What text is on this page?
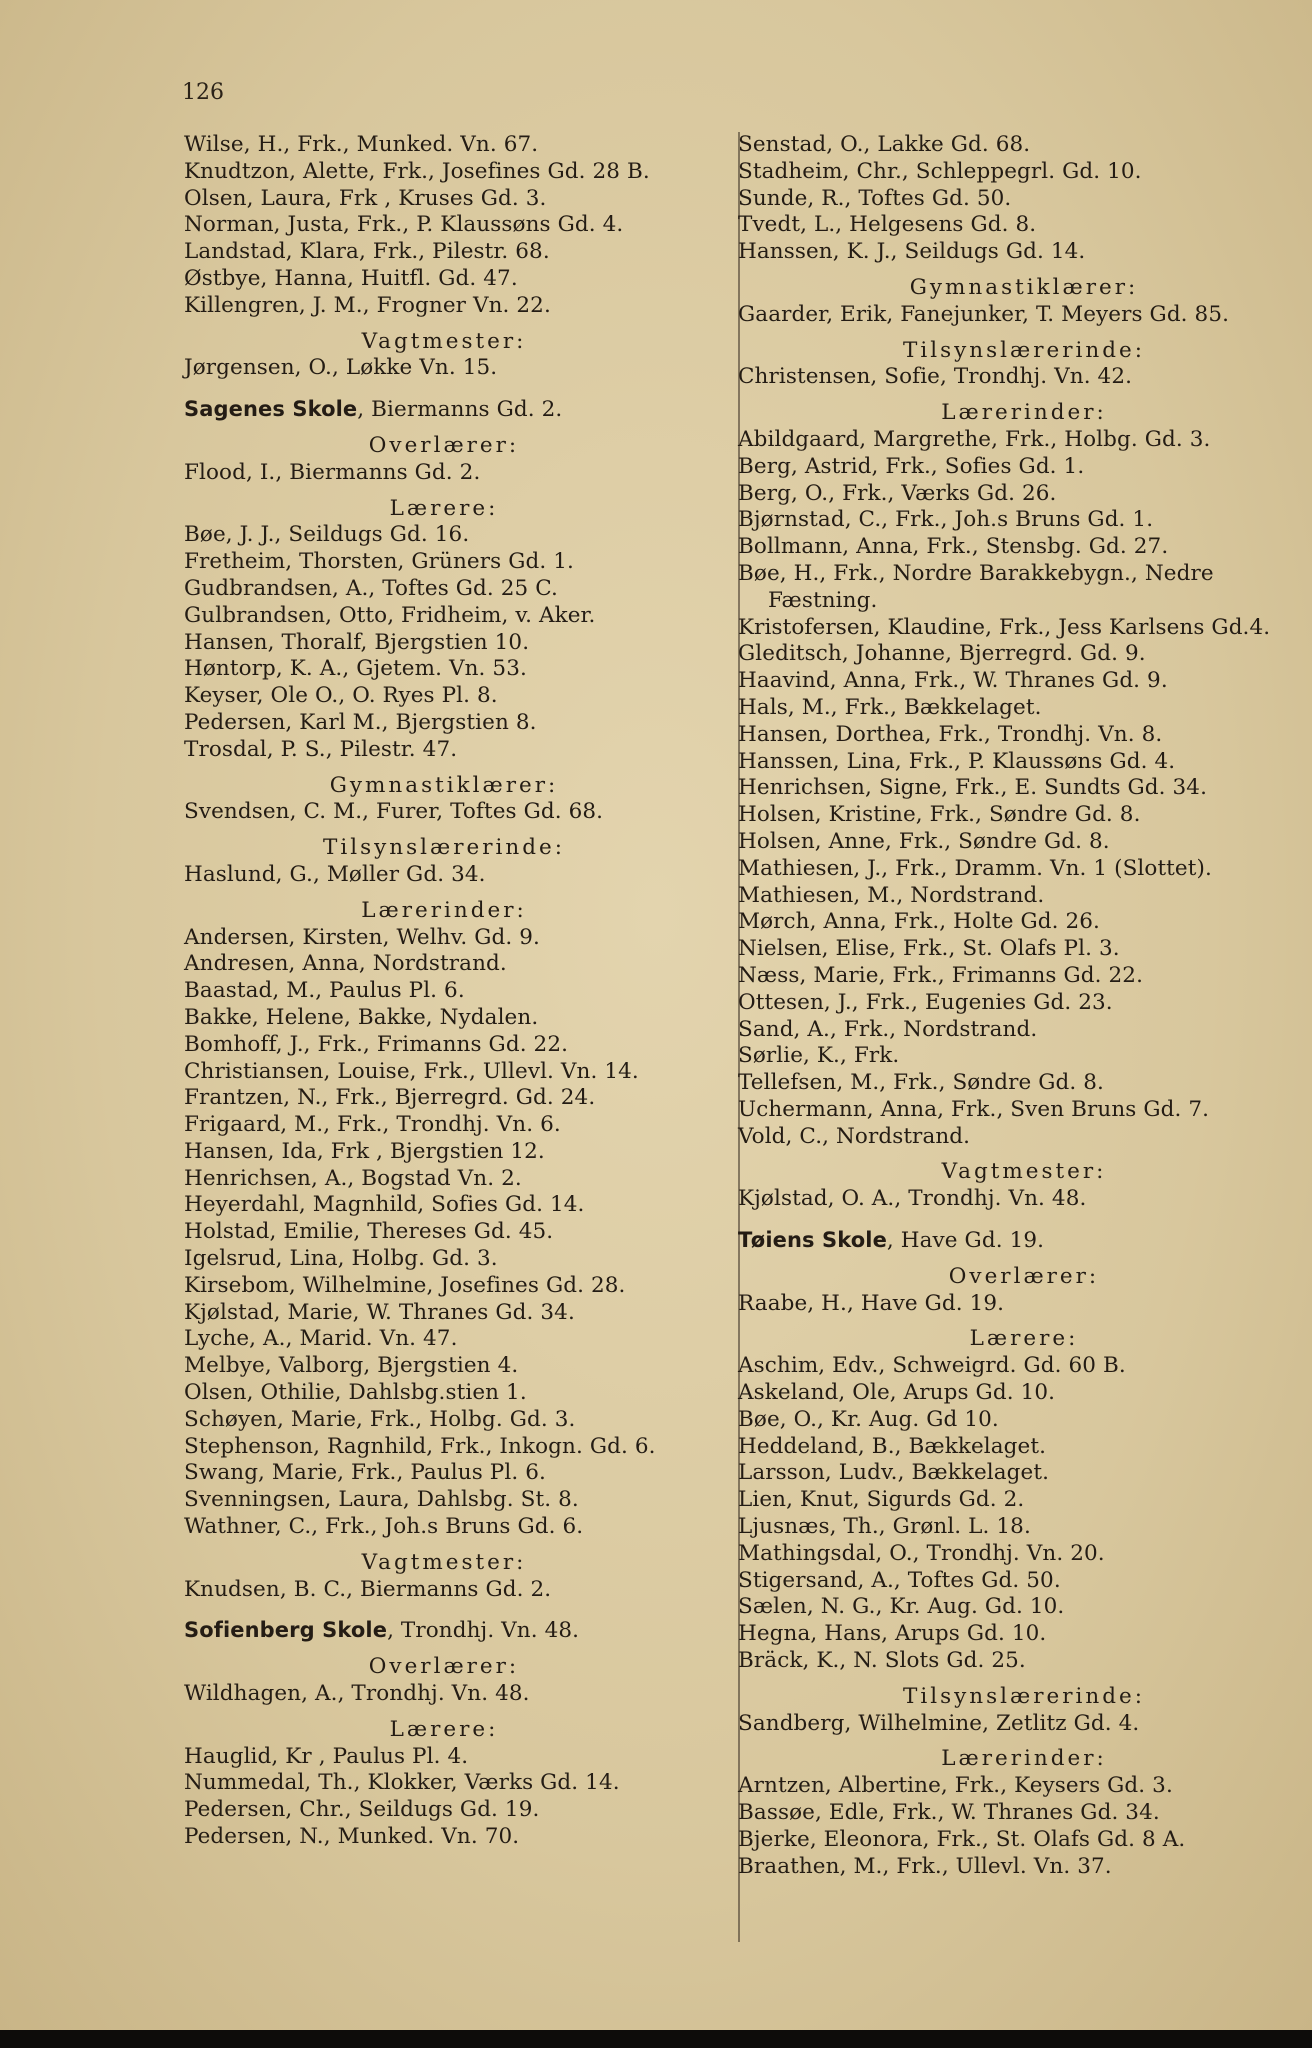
126
Wilse, H., Frk., Munked. Vn. 67.
Knudtzon, Alette, Frk., Josefines Gd. 28 B.
Olsen, Laura, Frk , Kruses Gd. 3.
Norman, Justa, Frk., P. Klaussøns Gd. 4.
Landstad, Klara, Frk., Pilestr. 68.
Østbye, Hanna, Huitfl. Gd. 47.
Killengren, J. M., Frogner Vn. 22.
Vagtmester:
Jørgensen, O., Løkke Vn. 15.
Sagenes Skole, Biermanns Gd. 2.
Overlærer:
Flood, I., Biermanns Gd. 2.
Lærere:
Bøe, J. J., Seildugs Gd. 16.
Fretheim, Thorsten, Grüners Gd. 1.
Gudbrandsen, A., Toftes Gd. 25 C.
Gulbrandsen, Otto, Fridheim, v. Aker.
Hansen, Thoralf, Bjergstien 10.
Høntorp, K. A., Gjetem. Vn. 53.
Keyser, Ole O., O. Ryes Pl. 8.
Pedersen, Karl M., Bjergstien 8.
Trosdal, P. S., Pilestr. 47.
Gymnastiklærer:
Svendsen, C. M., Furer, Toftes Gd. 68.
Tilsynslærerinde:
Haslund, G., Møller Gd. 34.
Lærerinder:
Andersen, Kirsten, Welhv. Gd. 9.
Andresen, Anna, Nordstrand.
Baastad, M., Paulus Pl. 6.
Bakke, Helene, Bakke, Nydalen.
Bomhoff, J., Frk., Frimanns Gd. 22.
Christiansen, Louise, Frk., Ullevl. Vn. 14.
Frantzen, N., Frk., Bjerregrd. Gd. 24.
Frigaard, M., Frk., Trondhj. Vn. 6.
Hansen, Ida, Frk , Bjergstien 12.
Henrichsen, A., Bogstad Vn. 2.
Heyerdahl, Magnhild, Sofies Gd. 14.
Holstad, Emilie, Thereses Gd. 45.
Igelsrud, Lina, Holbg. Gd. 3.
Kirsebom, Wilhelmine, Josefines Gd. 28.
Kjølstad, Marie, W. Thranes Gd. 34.
Lyche, A., Marid. Vn. 47.
Melbye, Valborg, Bjergstien 4.
Olsen, Othilie, Dahlsbg.stien 1.
Schøyen, Marie, Frk., Holbg. Gd. 3.
Stephenson, Ragnhild, Frk., Inkogn. Gd. 6.
Swang, Marie, Frk., Paulus Pl. 6.
Svenningsen, Laura, Dahlsbg. St. 8.
Wathner, C., Frk., Joh.s Bruns Gd. 6.
Vagtmester:
Knudsen, B. C., Biermanns Gd. 2.
Sofienberg Skole, Trondhj. Vn. 48.
Overlærer:
Wildhagen, A., Trondhj. Vn. 48.
Lærere:
Hauglid, Kr , Paulus Pl. 4.
Nummedal, Th., Klokker, Værks Gd. 14.
Pedersen, Chr., Seildugs Gd. 19.
Pedersen, N., Munked. Vn. 70.
Senstad, O., Lakke Gd. 68.
Stadheim, Chr., Schleppegrl. Gd. 10.
Sunde, R., Toftes Gd. 50.
Tvedt, L., Helgesens Gd. 8.
Hanssen, K. J., Seildugs Gd. 14.
Gymnastiklærer:
Gaarder, Erik, Fanejunker, T. Meyers Gd. 85.
Tilsynslærerinde:
Christensen, Sofie, Trondhj. Vn. 42.
Lærerinder:
Abildgaard, Margrethe, Frk., Holbg. Gd. 3.
Berg, Astrid, Frk., Sofies Gd. 1.
Berg, O., Frk., Værks Gd. 26.
Bjørnstad, C., Frk., Joh.s Bruns Gd. 1.
Bollmann, Anna, Frk., Stensbg. Gd. 27.
Bøe, H., Frk., Nordre Barakkebygn., Nedre
Fæstning.
Kristofersen, Klaudine, Frk., Jess Karlsens Gd.4.
Gleditsch, Johanne, Bjerregrd. Gd. 9.
Haavind, Anna, Frk., W. Thranes Gd. 9.
Hals, M., Frk., Bækkelaget.
Hansen, Dorthea, Frk., Trondhj. Vn. 8.
Hanssen, Lina, Frk., P. Klaussøns Gd. 4.
Henrichsen, Signe, Frk., E. Sundts Gd. 34.
Holsen, Kristine, Frk., Søndre Gd. 8.
Holsen, Anne, Frk., Søndre Gd. 8.
Mathiesen, J., Frk., Dramm. Vn. 1 (Slottet).
Mathiesen, M., Nordstrand.
Mørch, Anna, Frk., Holte Gd. 26.
Nielsen, Elise, Frk., St. Olafs Pl. 3.
Næss, Marie, Frk., Frimanns Gd. 22.
Ottesen, J., Frk., Eugenies Gd. 23.
Sand, A., Frk., Nordstrand.
Sørlie, K., Frk.
Tellefsen, M., Frk., Søndre Gd. 8.
Uchermann, Anna, Frk., Sven Bruns Gd. 7.
Vold, C., Nordstrand.
Vagtmester:
Kjølstad, O. A., Trondhj. Vn. 48.
Tøiens Skole, Have Gd. 19.
Overlærer:
Raabe, H., Have Gd. 19.
Lærere:
Aschim, Edv., Schweigrd. Gd. 60 B.
Askeland, Ole, Arups Gd. 10.
Bøe, O., Kr. Aug. Gd 10.
Heddeland, B., Bækkelaget.
Larsson, Ludv., Bækkelaget.
Lien, Knut, Sigurds Gd. 2.
Ljusnæs, Th., Grønl. L. 18.
Mathingsdal, O., Trondhj. Vn. 20.
Stigersand, A., Toftes Gd. 50.
Sælen, N. G., Kr. Aug. Gd. 10.
Hegna, Hans, Arups Gd. 10.
Bräck, K., N. Slots Gd. 25.
Tilsynslærerinde:
Sandberg, Wilhelmine, Zetlitz Gd. 4.
Lærerinder:
Arntzen, Albertine, Frk., Keysers Gd. 3.
Bassøe, Edle, Frk., W. Thranes Gd. 34.
Bjerke, Eleonora, Frk., St. Olafs Gd. 8 A.
Braathen, M., Frk., Ullevl. Vn. 37.
